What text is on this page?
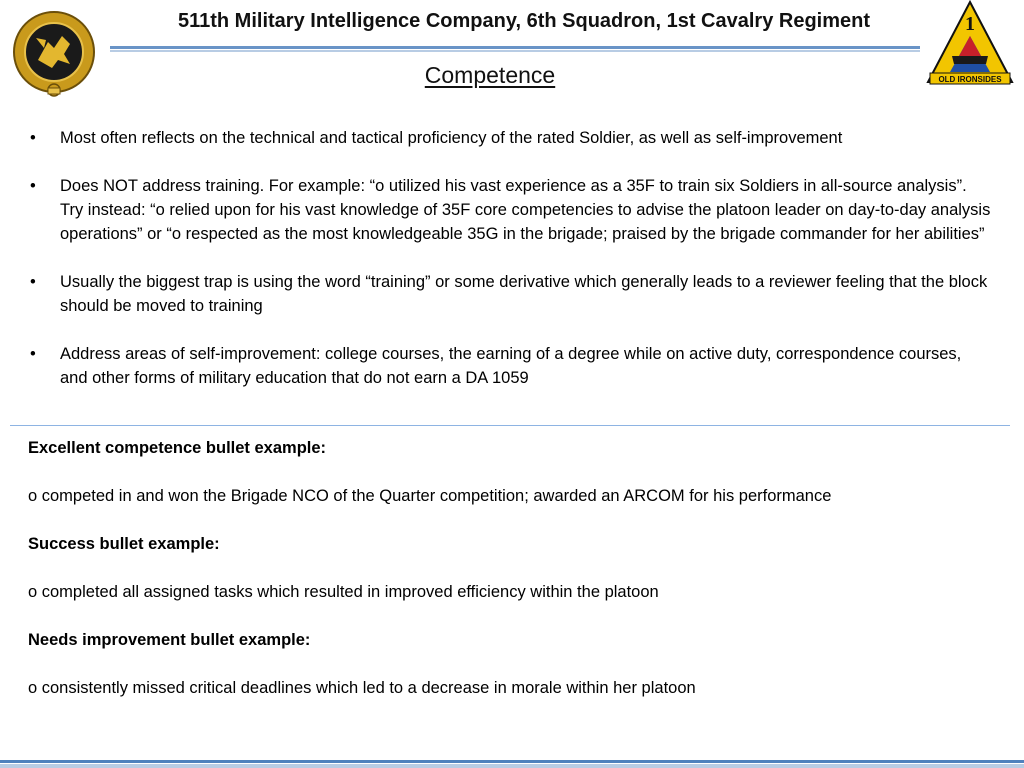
511th Military Intelligence Company, 6th Squadron, 1st Cavalry Regiment	1
OLD IRONSIDES
Competence
• Most often reflects on the technical and tactical proficiency of the rated Soldier, as well as self-improvement
• Does NOT address training. For example: “o utilized his vast experience as a 35F to train six Soldiers in all-source analysis”. Try instead: “o relied upon for his vast knowledge of 35F core competencies to advise the platoon leader on day-to-day analysis operations” or “o respected as the most knowledgeable 35G in the brigade; praised by the brigade commander for her abilities”
• Usually the biggest trap is using the word “training” or some derivative which generally leads to a reviewer feeling that the block should be moved to training
• Address areas of self-improvement: college courses, the earning of a degree while on active duty, correspondence courses, and other forms of military education that do not earn a DA 1059

Excellent competence bullet example:

o competed in and won the Brigade NCO of the Quarter competition; awarded an ARCOM for his performance

Success bullet example:

o completed all assigned tasks which resulted in improved efficiency within the platoon

Needs improvement bullet example:

o consistently missed critical deadlines which led to a decrease in morale within her platoon
